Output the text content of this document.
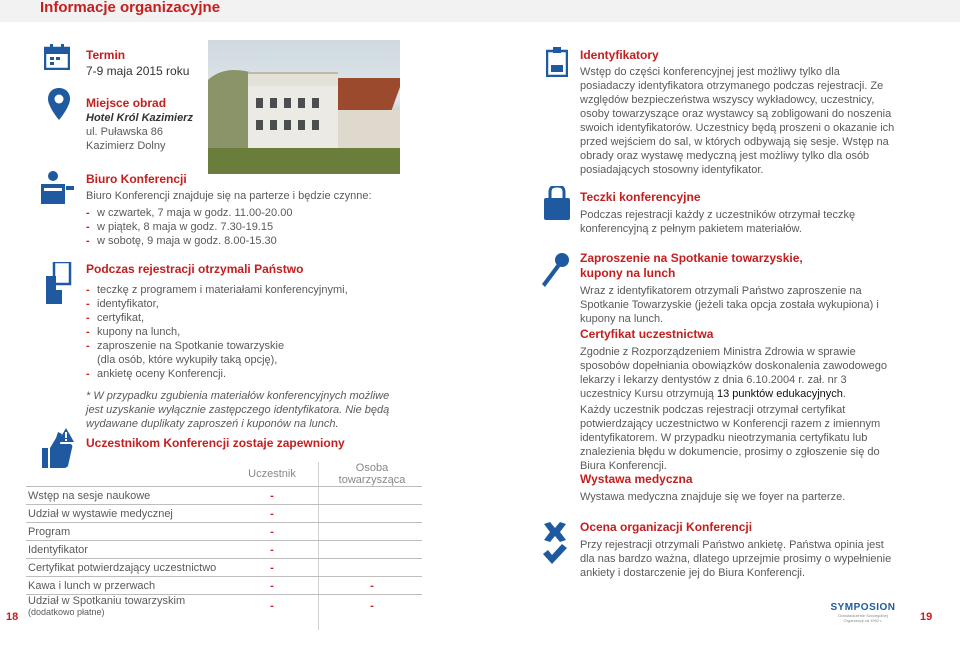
Informacje organizacyjne
Termin
7-9 maja 2015 roku
Miejsce obrad
Hotel Król Kazimierz
ul. Puławska 86
Kazimierz Dolny
Biuro Konferencji
Biuro Konferencji znajduje się na parterze i będzie czynne:
- w czwartek, 7 maja w godz. 11.00-20.00
- w piątek, 8 maja w godz. 7.30-19.15
- w sobotę, 9 maja w godz. 8.00-15.30
Podczas rejestracji otrzymali Państwo
- teczkę z programem i materiałami konferencyjnymi,
- identyfikator,
- certyfikat,
- kupony na lunch,
- zaproszenie na Spotkanie towarzyskie
(dla osób, które wykupiły taką opcję),
- ankietę oceny Konferencji.
* W przypadku zgubienia materiałów konferencyjnych możliwe jest uzyskanie wyłącznie zastępczego identyfikatora. Nie będą wydawane duplikaty zaproszeń i kuponów na lunch.
Uczestnikom Konferencji zostaje zapewniony
	Uczestnik	Osoba towarzysząca
Wstęp na sesje naukowe	-	
Udział w wystawie medycznej	-	
Program	-	
Identyfikator	-	
Certyfikat potwierdzający uczestnictwo	-	
Kawa i lunch w przerwach	-	-

Udział w Spotkaniu towarzyskim
(dodatkowo płatne)	-	-
18
Identyfikatory
Wstęp do części konferencyjnej jest możliwy tylko dla posiadaczy identyfikatora otrzymanego podczas rejestracji. Ze względów bezpieczeństwa wszyscy wykładowcy, uczestnicy, osoby towarzyszące oraz wystawcy są zobligowani do noszenia swoich identyfikatorów. Uczestnicy będą proszeni o okazanie ich przed wejściem do sal, w których odbywają się sesje. Wstęp na obrady oraz wystawę medyczną jest możliwy tylko dla osób posiadających stosowny identyfikator.
Teczki konferencyjne
Podczas rejestracji każdy z uczestników otrzymał teczkę konferencyjną z pełnym pakietem materiałów.
Zaproszenie na Spotkanie towarzyskie,
kupony na lunch
Wraz z identyfikatorem otrzymali Państwo zaproszenie na Spotkanie Towarzyskie (jeżeli taka opcja została wykupiona) i kupony na lunch.
Certyfikat uczestnictwa
Zgodnie z Rozporządzeniem Ministra Zdrowia w sprawie sposobów dopełniania obowiązków doskonalenia zawodowego lekarzy i lekarzy dentystów z dnia 6.10.2004 r. zał. nr 3 uczestnicy Kursu otrzymują 13 punktów edukacyjnych.
Każdy uczestnik podczas rejestracji otrzymał certyfikat potwierdzający uczestnictwo w Konferencji razem z imiennym identyfikatorem. W przypadku nieotrzymania certyfikatu lub znalezienia błędu w dokumencie, prosimy o zgłoszenie się do Biura Konferencji.
Wystawa medyczna
Wystawa medyczna znajduje się we foyer na parterze.
Ocena organizacji Konferencji
Przy rejestracji otrzymali Państwo ankietę. Państwa opinia jest dla nas bardzo ważna, dlatego uprzejmie prosimy o wypełnienie ankiety i dostarczenie jej do Biura Konferencji.
SYMPOSION
Doświadczenie Szczególnej Organizacji od 1992 r.	19
